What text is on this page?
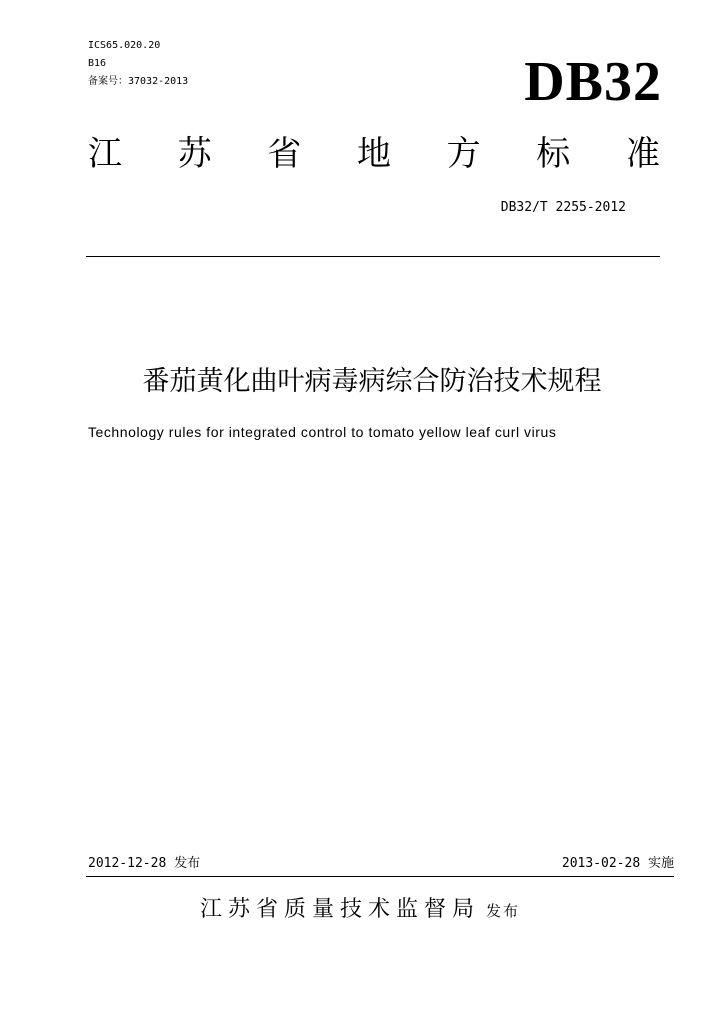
ICS65.020.20
B16
备案号：37032-2013	DB32
江 苏 省 地 方 标 准
DB32/T 2255-2012
番茄黄化曲叶病毒病综合防治技术规程
Technology rules for integrated control to tomato yellow leaf curl virus
2012-12-28 发布	2013-02-28 实施
江苏省质量技术监督局 发布
